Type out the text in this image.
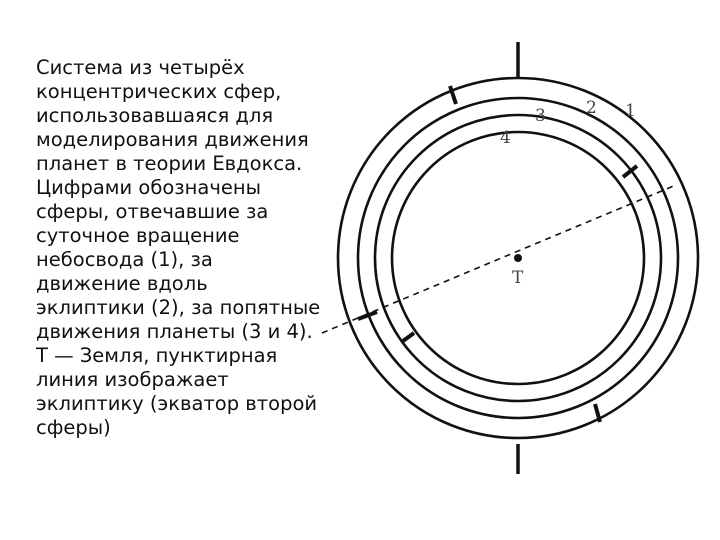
Система из четырёх
концентрических сфер,
использовавшаяся для
моделирования движения
планет в теории Евдокса.
Цифрами обозначены
сферы, отвечавшие за
суточное вращение
небосвода (1), за
движение вдоль
эклиптики (2), за попятные
движения планеты (3 и 4).
Т — Земля, пунктирная
линия изображает
эклиптику (экватор второй
сферы)
1
2
3
4
T
